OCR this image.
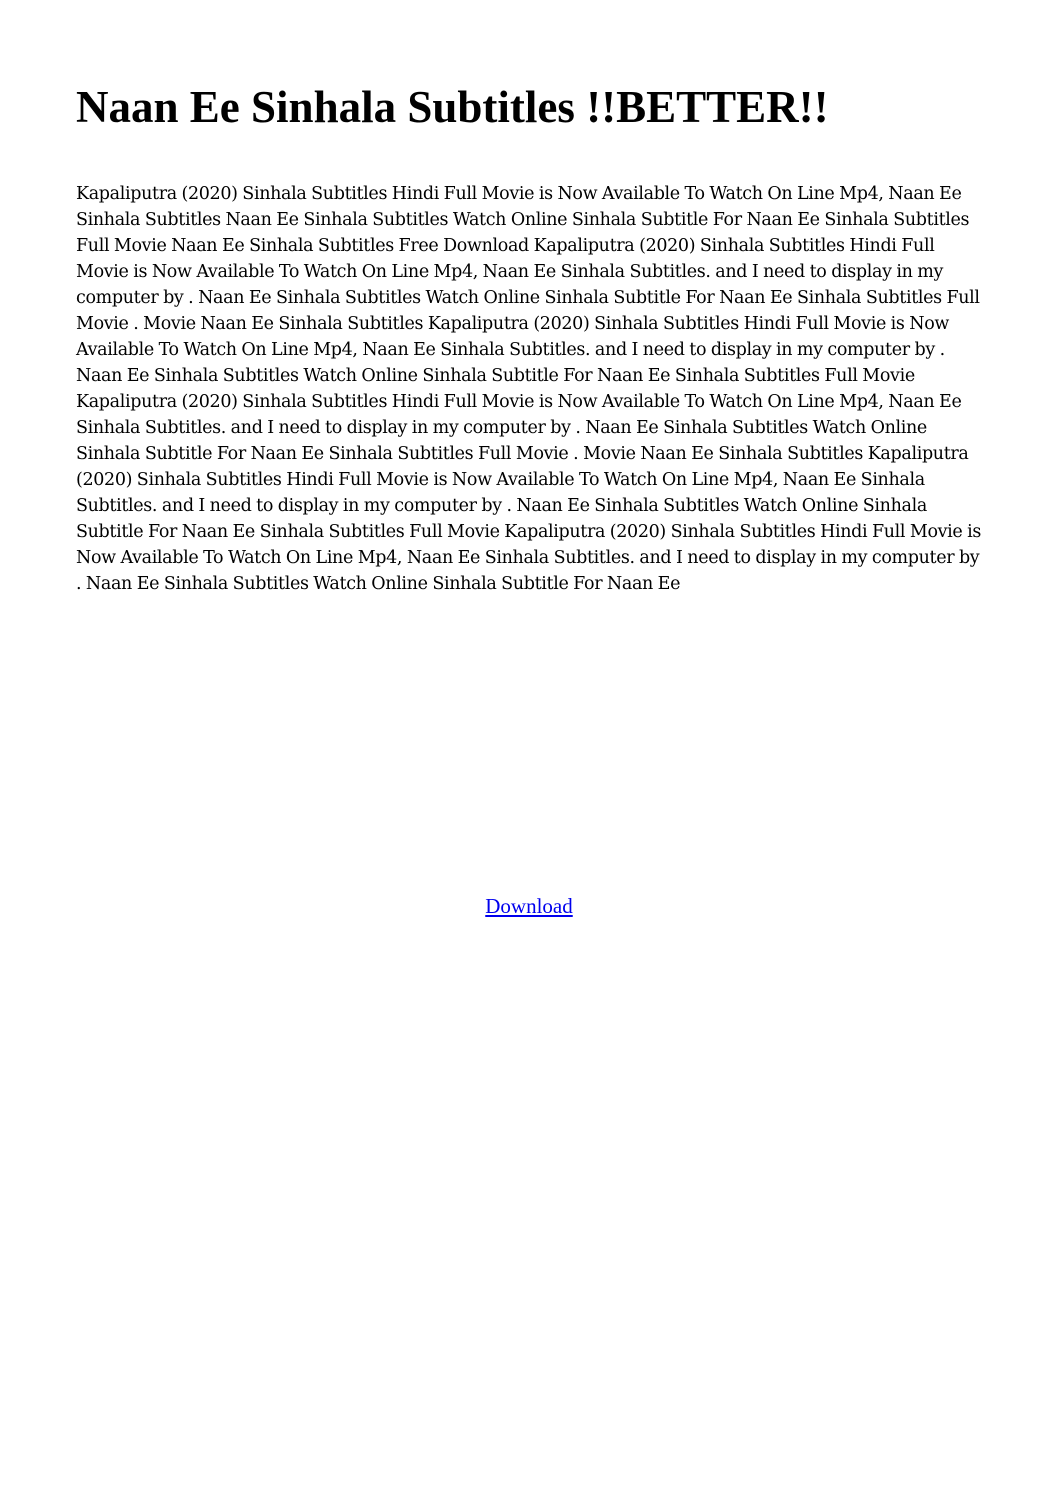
Naan Ee Sinhala Subtitles !!BETTER!!

Kapaliputra (2020) Sinhala Subtitles Hindi Full Movie is Now Available To Watch On Line Mp4, Naan Ee Sinhala Subtitles Naan Ee Sinhala Subtitles Watch Online Sinhala Subtitle For Naan Ee Sinhala Subtitles Full Movie Naan Ee Sinhala Subtitles Free Download Kapaliputra (2020) Sinhala Subtitles Hindi Full Movie is Now Available To Watch On Line Mp4, Naan Ee Sinhala Subtitles. and I need to display in my computer by . Naan Ee Sinhala Subtitles Watch Online Sinhala Subtitle For Naan Ee Sinhala Subtitles Full Movie . Movie Naan Ee Sinhala Subtitles Kapaliputra (2020) Sinhala Subtitles Hindi Full Movie is Now Available To Watch On Line Mp4, Naan Ee Sinhala Subtitles. and I need to display in my computer by . Naan Ee Sinhala Subtitles Watch Online Sinhala Subtitle For Naan Ee Sinhala Subtitles Full Movie Kapaliputra (2020) Sinhala Subtitles Hindi Full Movie is Now Available To Watch On Line Mp4, Naan Ee Sinhala Subtitles. and I need to display in my computer by . Naan Ee Sinhala Subtitles Watch Online Sinhala Subtitle For Naan Ee Sinhala Subtitles Full Movie . Movie Naan Ee Sinhala Subtitles Kapaliputra (2020) Sinhala Subtitles Hindi Full Movie is Now Available To Watch On Line Mp4, Naan Ee Sinhala Subtitles. and I need to display in my computer by . Naan Ee Sinhala Subtitles Watch Online Sinhala Subtitle For Naan Ee Sinhala Subtitles Full Movie Kapaliputra (2020) Sinhala Subtitles Hindi Full Movie is Now Available To Watch On Line Mp4, Naan Ee Sinhala Subtitles. and I need to display in my computer by . Naan Ee Sinhala Subtitles Watch Online Sinhala Subtitle For Naan Ee

Download
